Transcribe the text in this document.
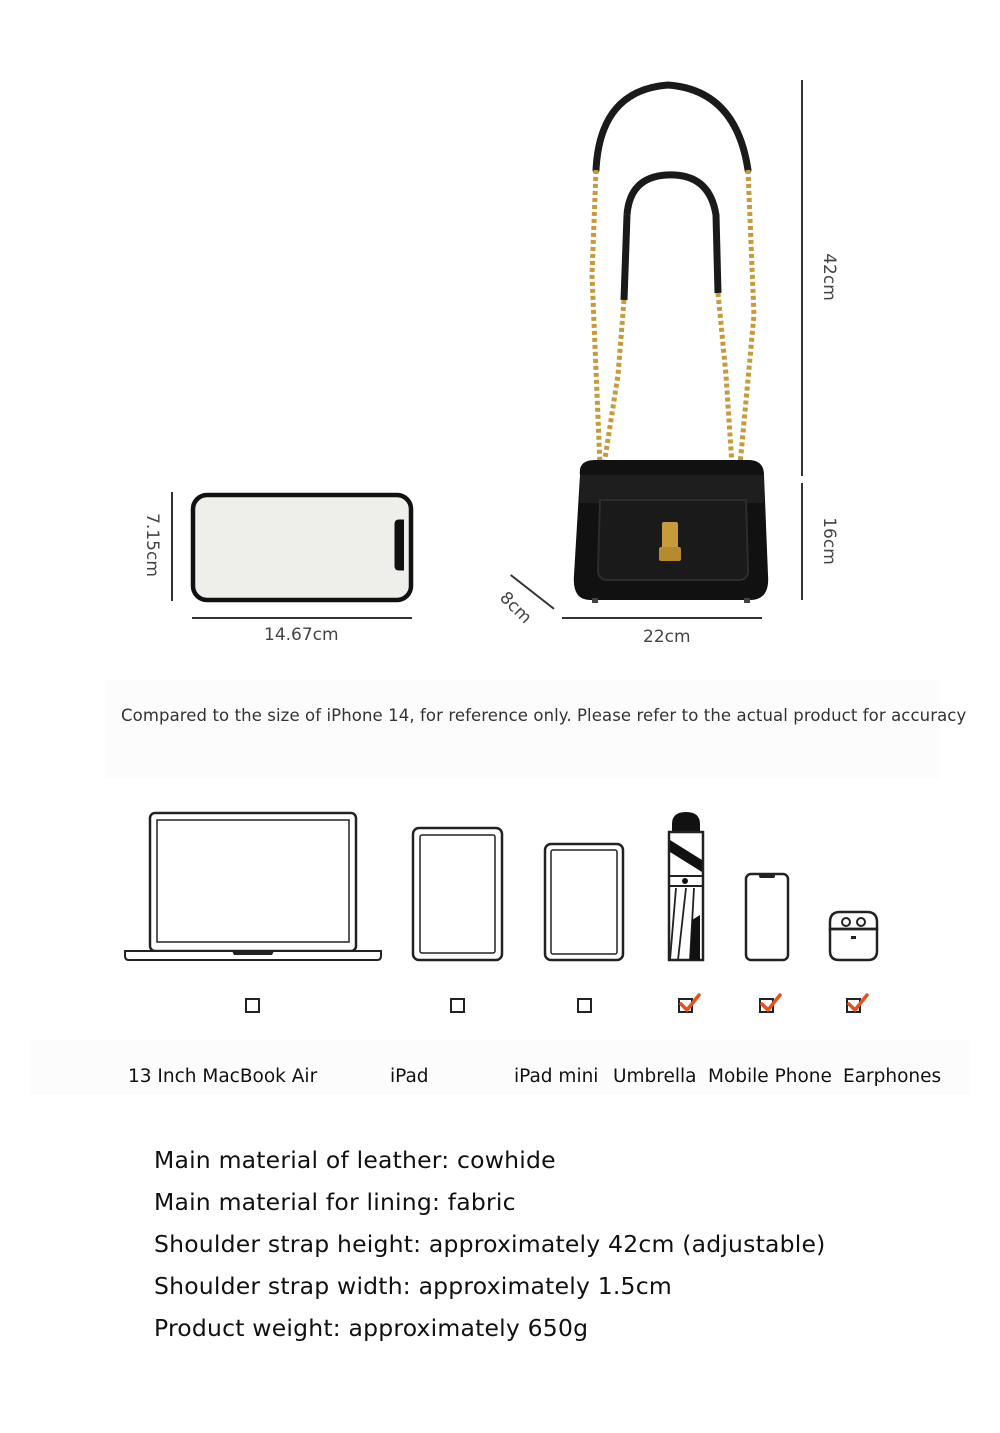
7.15cm
14.67cm
42cm
16cm
22cm
8cm
Compared to the size of iPhone 14, for reference only. Please refer to the actual product for accuracy
13 Inch MacBook Air	iPad	iPad mini Umbrella Mobile Phone Earphones
Main material of leather: cowhide
Main material for lining: fabric
Shoulder strap height: approximately 42cm (adjustable)
Shoulder strap width: approximately 1.5cm
Product weight: approximately 650g
